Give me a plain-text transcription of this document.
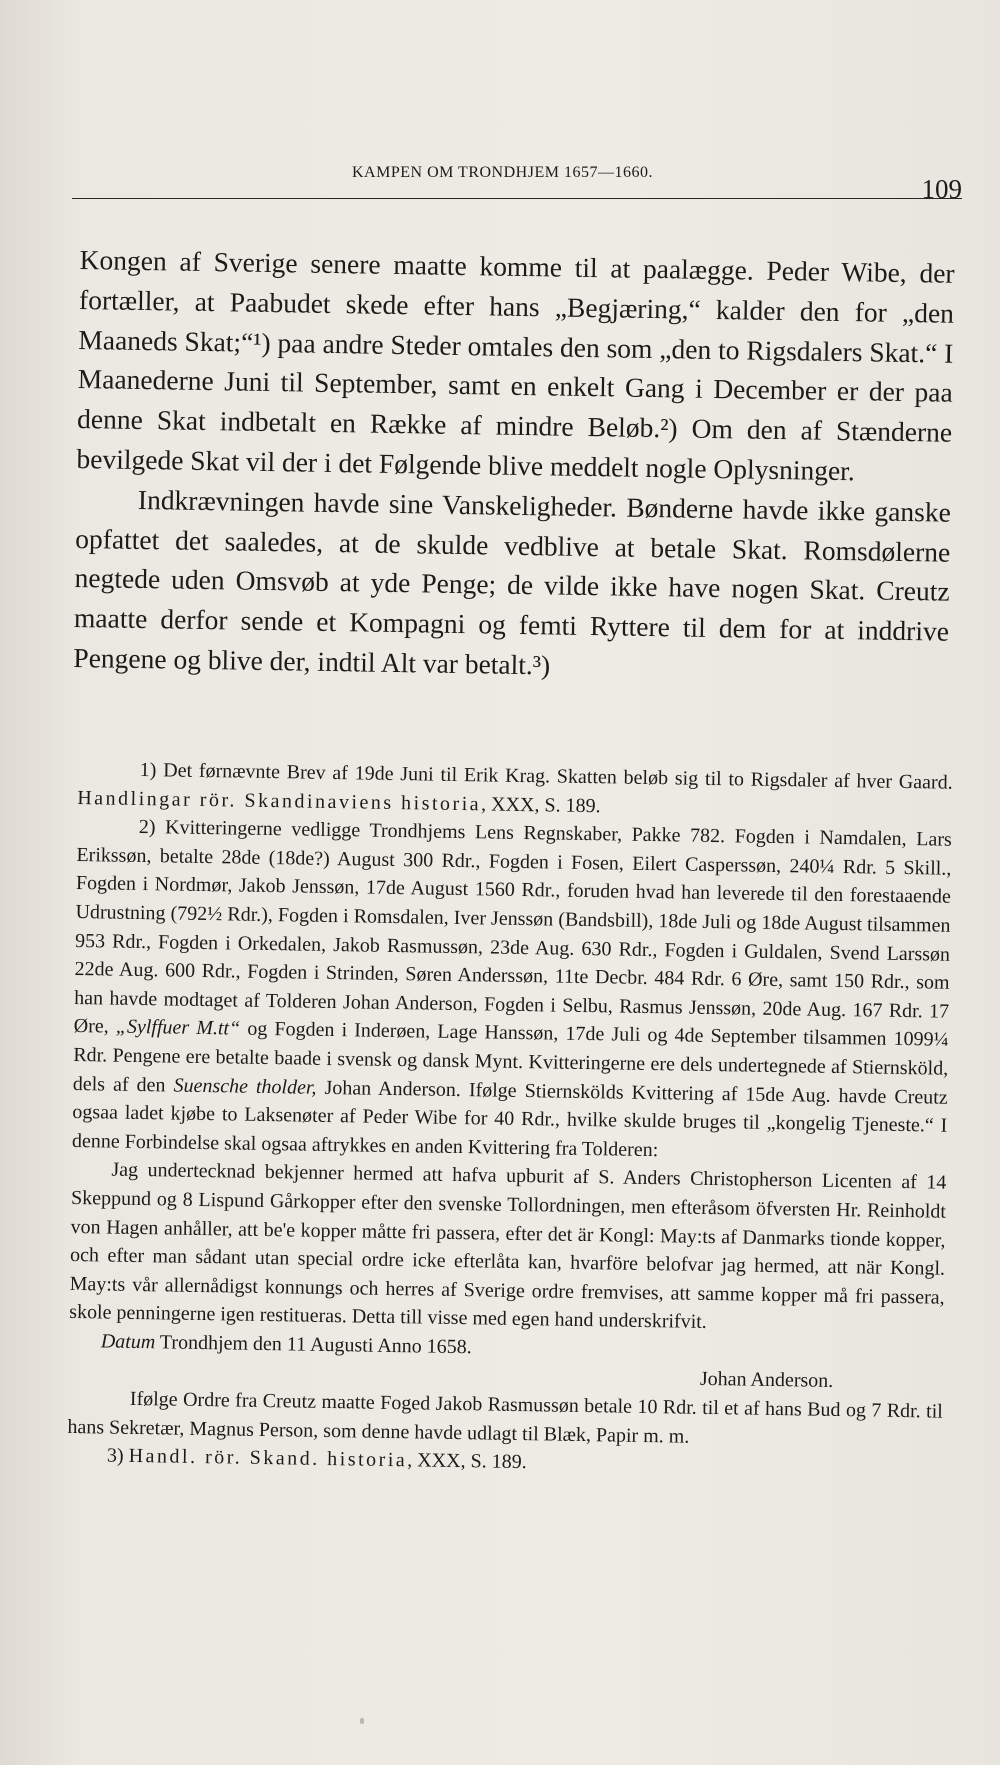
KAMPEN OM TRONDHJEM 1657—1660.
109

Kongen af Sverige senere maatte komme til at paalægge. Peder Wibe, der fortæller, at Paabudet skede efter hans „Begjæring,“ kalder den for „den Maaneds Skat;“¹) paa andre Steder omtales den som „den to Rigsdalers Skat.“ I Maanederne Juni til September, samt en enkelt Gang i December er der paa denne Skat indbetalt en Række af mindre Beløb.²) Om den af Stænderne bevilgede Skat vil der i det Følgende blive meddelt nogle Oplysninger.

Indkrævningen havde sine Vanskeligheder. Bønderne havde ikke ganske opfattet det saaledes, at de skulde vedblive at betale Skat. Romsdølerne negtede uden Omsvøb at yde Penge; de vilde ikke have nogen Skat. Creutz maatte derfor sende et Kompagni og femti Ryttere til dem for at inddrive Pengene og blive der, indtil Alt var betalt.³)

1) Det førnævnte Brev af 19de Juni til Erik Krag. Skatten beløb sig til to Rigsdaler af hver Gaard. Handlingar rör. Skandinaviens historia, XXX, S. 189.

2) Kvitteringerne vedligge Trondhjems Lens Regnskaber, Pakke 782. Fogden i Namdalen, Lars Erikssøn, betalte 28de (18de?) August 300 Rdr., Fogden i Fosen, Eilert Casperssøn, 240¼ Rdr. 5 Skill., Fogden i Nordmør, Jakob Jenssøn, 17de August 1560 Rdr., foruden hvad han leverede til den forestaaende Udrustning (792½ Rdr.), Fogden i Romsdalen, Iver Jenssøn (Bandsbill), 18de Juli og 18de August tilsammen 953 Rdr., Fogden i Orkedalen, Jakob Rasmussøn, 23de Aug. 630 Rdr., Fogden i Guldalen, Svend Larssøn 22de Aug. 600 Rdr., Fogden i Strinden, Søren Anderssøn, 11te Decbr. 484 Rdr. 6 Øre, samt 150 Rdr., som han havde modtaget af Tolderen Johan Anderson, Fogden i Selbu, Rasmus Jenssøn, 20de Aug. 167 Rdr. 17 Øre, „Sylffuer M.tt“ og Fogden i Inderøen, Lage Hanssøn, 17de Juli og 4de September tilsammen 1099¼ Rdr. Pengene ere betalte baade i svensk og dansk Mynt. Kvitteringerne ere dels undertegnede af Stiernsköld, dels af den Suensche tholder, Johan Anderson. Ifølge Stiernskölds Kvittering af 15de Aug. havde Creutz ogsaa ladet kjøbe to Laksenøter af Peder Wibe for 40 Rdr., hvilke skulde bruges til „kongelig Tjeneste.“ I denne Forbindelse skal ogsaa aftrykkes en anden Kvittering fra Tolderen:

Jag undertecknad bekjenner hermed att hafva upburit af S. Anders Christopherson Licenten af 14 Skeppund og 8 Lispund Gårkopper efter den svenske Tollordningen, men efteråsom öfversten Hr. Reinholdt von Hagen anhåller, att be'e kopper måtte fri passera, efter det är Kongl: May:ts af Danmarks tionde kopper, och efter man sådant utan special ordre icke efterlåta kan, hvarföre belofvar jag hermed, att när Kongl. May:ts vår allernådigst konnungs och herres af Sverige ordre fremvises, att samme kopper må fri passera, skole penningerne igen restitueras. Detta till visse med egen hand underskrifvit.

Datum Trondhjem den 11 Augusti Anno 1658.

Johan Anderson.

Ifølge Ordre fra Creutz maatte Foged Jakob Rasmussøn betale 10 Rdr. til et af hans Bud og 7 Rdr. til hans Sekretær, Magnus Person, som denne havde udlagt til Blæk, Papir m. m.

3) Handl. rör. Skand. historia, XXX, S. 189.
